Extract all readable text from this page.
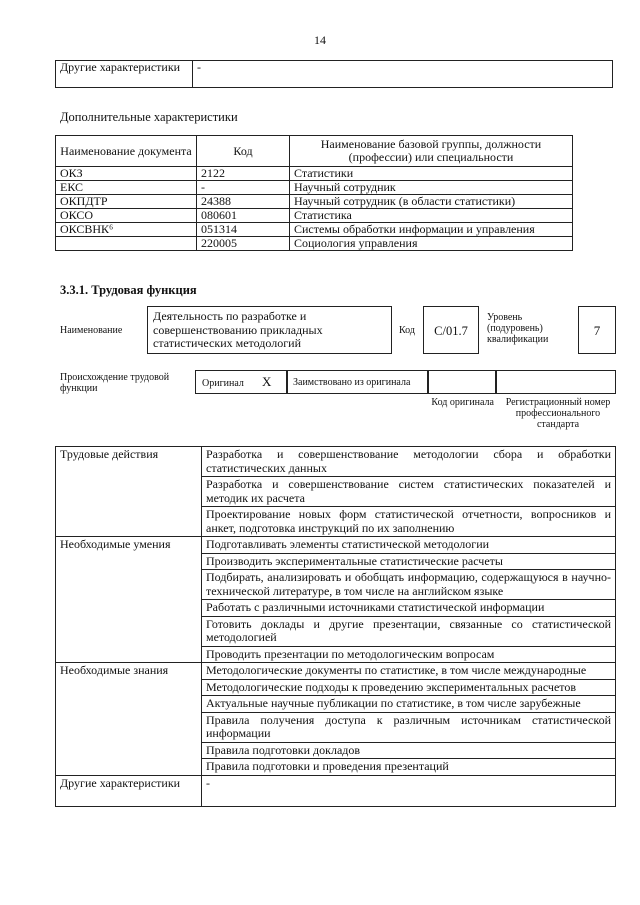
14
Другие характеристики	-
Дополнительные характеристики
Наименование документа	Код	Наименование базовой группы, должности (профессии) или специальности
ОКЗ	2122	Статистики
ЕКС	-	Научный сотрудник
ОКПДТР	24388	Научный сотрудник (в области статистики)
ОКСО	080601	Статистика
ОКСВНК⁶	051314	Системы обработки информации и управления
	220005	Социология управления
3.3.1. Трудовая функция
Наименование
Деятельность по разработке и совершенствованию прикладных статистических методологий
Код	C/01.7
Уровень (подуровень) квалификации
7
Происхождение трудовой функции	Оригинал X	Заимствовано из оригинала
Код оригинала	Регистрационный номер профессионального стандарта
Трудовые действия	Разработка и совершенствование методологии сбора и обработки статистических данных
	Разработка и совершенствование систем статистических показателей и методик их расчета
	Проектирование новых форм статистической отчетности, вопросников и анкет, подготовка инструкций по их заполнению
Необходимые умения	Подготавливать элементы статистической методологии
	Производить экспериментальные статистические расчеты
	Подбирать, анализировать и обобщать информацию, содержащуюся в научно-технической литературе, в том числе на английском языке
	Работать с различными источниками статистической информации
	Готовить доклады и другие презентации, связанные со статистической методологией
	Проводить презентации по методологическим вопросам
Необходимые знания	Методологические документы по статистике, в том числе международные
	Методологические подходы к проведению экспериментальных расчетов
	Актуальные научные публикации по статистике, в том числе зарубежные
	Правила получения доступа к различным источникам статистической информации
	Правила подготовки докладов
	Правила подготовки и проведения презентаций
Другие характеристики	-
